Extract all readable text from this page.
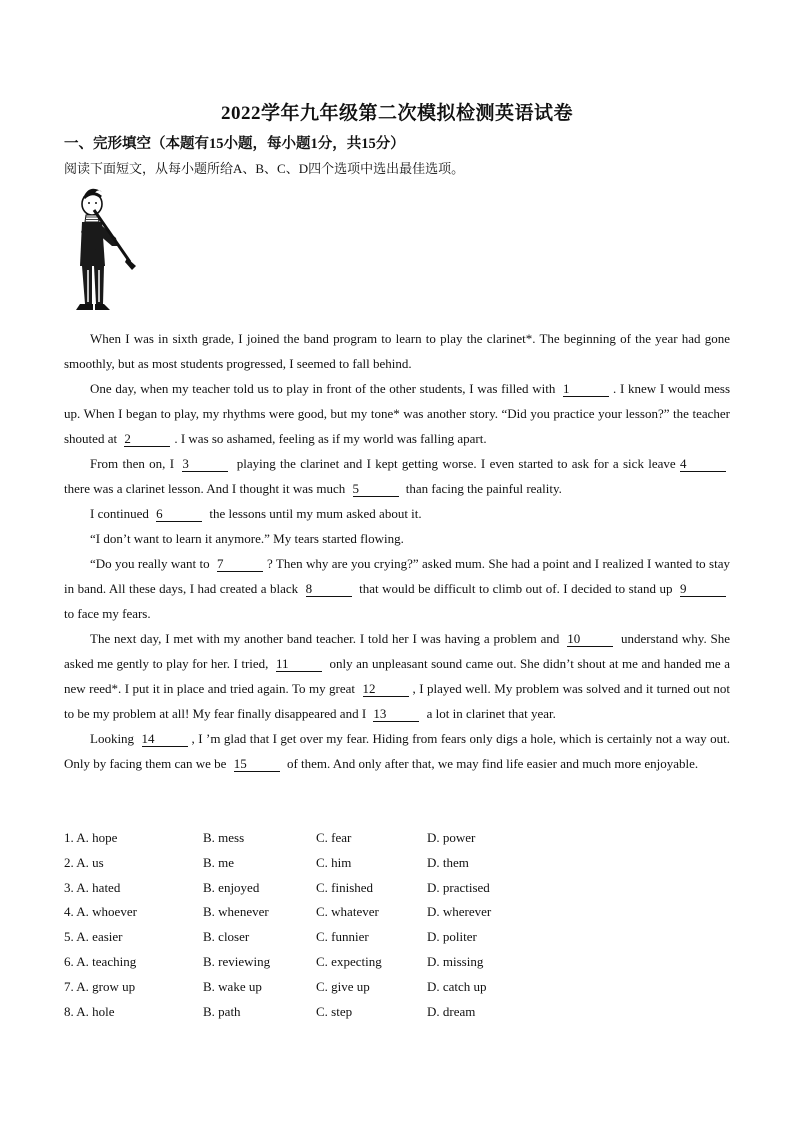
2022学年九年级第二次模拟检测英语试卷
一、完形填空（本题有15小题，每小题1分，共15分）
阅读下面短文，从每小题所给A、B、C、D四个选项中选出最佳选项。

When I was in sixth grade, I joined the band program to learn to play the clarinet*. The beginning of the year had gone smoothly, but as most students progressed, I seemed to fall behind.

One day, when my teacher told us to play in front of the other students, I was filled with 1	. I knew I would mess up. When I began to play, my rhythms were good, but my tone* was another story. “Did you practice your lesson?” the teacher shouted at 2	. I was so ashamed, feeling as if my world was falling apart.

From then on, I 3	playing the clarinet and I kept getting worse. I even started to ask for a sick leave 4 there was a clarinet lesson. And I thought it was much 5	than facing the painful reality.

I continued 6	the lessons until my mum asked about it.

“I don’t want to learn it anymore.” My tears started flowing.

“Do you really want to 7	? Then why are you crying?” asked mum. She had a point and I realized I wanted to stay in band. All these days, I had created a black 8	that would be difficult to climb out of. I decided to stand up 9 to face my fears.

The next day, I met with my another band teacher. I told her I was having a problem and 10	understand why. She asked me gently to play for her. I tried, 11	only an unpleasant sound came out. She didn’t shout at me and handed me a new reed*. I put it in place and tried again. To my great 12	, I played well. My problem was solved and it turned out not to be my problem at all! My fear finally disappeared and I 13	a lot in clarinet that year.

Looking 14	, I ’m glad that I get over my fear. Hiding from fears only digs a hole, which is certainly not a way out. Only by facing them can we be 15	of them. And only after that, we may find life easier and much more enjoyable.

1. A. hope	B. mess	C. fear	D. power
2. A. us	B. me	C. him	D. them
3. A. hated	B. enjoyed	C. finished	D. practised
4. A. whoever	B. whenever	C. whatever	D. wherever
5. A. easier	B. closer	C. funnier	D. politer
6. A. teaching	B. reviewing	C. expecting	D. missing
7. A. grow up	B. wake up	C. give up	D. catch up
8. A. hole	B. path	C. step	D. dream
